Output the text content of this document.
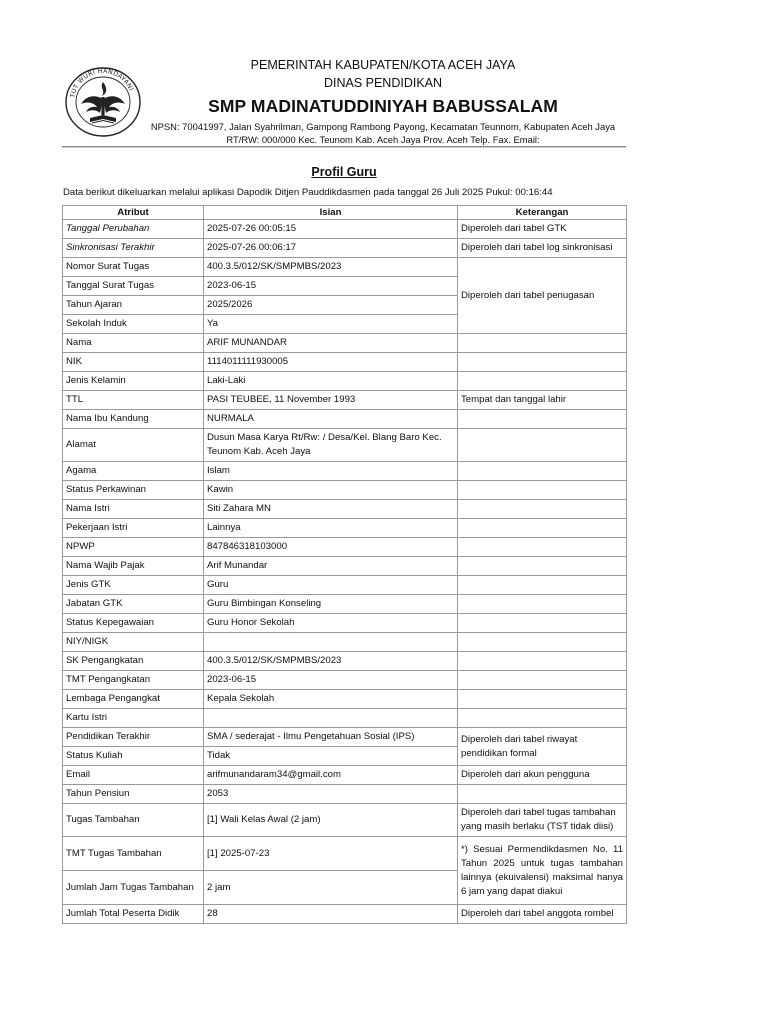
TUT WURI HANDAYANI
PEMERINTAH KABUPATEN/KOTA ACEH JAYA
DINAS PENDIDIKAN
SMP MADINATUDDINIYAH BABUSSALAM
NPSN: 70041997, Jalan Syahrilman, Gampong Rambong Payong, Kecamatan Teunnom, Kabupaten Aceh Jaya
RT/RW: 000/000 Kec. Teunom Kab. Aceh Jaya Prov. Aceh Telp. Fax. Email:
Profil Guru
Data berikut dikeluarkan melalui aplikasi Dapodik Ditjen Pauddikdasmen pada tanggal 26 Juli 2025 Pukul: 00:16:44
Atribut	Isian	Keterangan
Tanggal Perubahan	2025-07-26 00:05:15	Diperoleh dari tabel GTK
Sinkronisasi Terakhir	2025-07-26 00:06:17	Diperoleh dari tabel log sinkronisasi
Nomor Surat Tugas	400.3.5/012/SK/SMPMBS/2023	Diperoleh dari tabel penugasan
Tanggal Surat Tugas	2023-06-15	
Tahun Ajaran	2025/2026	
Sekolah Induk	Ya	
Nama	ARIF MUNANDAR	
NIK	1114011111930005	
Jenis Kelamin	Laki-Laki	
TTL	PASI TEUBEE, 11 November 1993	Tempat dan tanggal lahir
Nama Ibu Kandung	NURMALA	
Alamat	Dusun Masa Karya Rt/Rw: / Desa/Kel. Blang Baro Kec. Teunom Kab. Aceh Jaya	
Agama	Islam	
Status Perkawinan	Kawin	
Nama Istri	Siti Zahara MN	
Pekerjaan Istri	Lainnya	
NPWP	847846318103000	
Nama Wajib Pajak	Arif Munandar	
Jenis GTK	Guru	
Jabatan GTK	Guru Bimbingan Konseling	
Status Kepegawaian	Guru Honor Sekolah	
NIY/NIGK		
SK Pengangkatan	400.3.5/012/SK/SMPMBS/2023	
TMT Pengangkatan	2023-06-15	
Lembaga Pengangkat	Kepala Sekolah	
Kartu Istri		
Pendidikan Terakhir	SMA / sederajat - Ilmu Pengetahuan Sosial (IPS)	Diperoleh dari tabel riwayat pendidikan formal
Status Kuliah	Tidak	
Email	arifmunandaram34@gmail.com	Diperoleh dari akun pengguna
Tahun Pensiun	2053	
Tugas Tambahan	[1] Wali Kelas Awal (2 jam)	Diperoleh dari tabel tugas tambahan yang masih berlaku (TST tidak diisi)
TMT Tugas Tambahan	[1] 2025-07-23	*) Sesuai Permendikdasmen No. 11 Tahun 2025 untuk tugas tambahan lainnya (ekuivalensi) maksimal hanya 6 jam yang dapat diakui
Jumlah Jam Tugas Tambahan	2 jam	
Jumlah Total Peserta Didik	28	Diperoleh dari tabel anggota rombel
